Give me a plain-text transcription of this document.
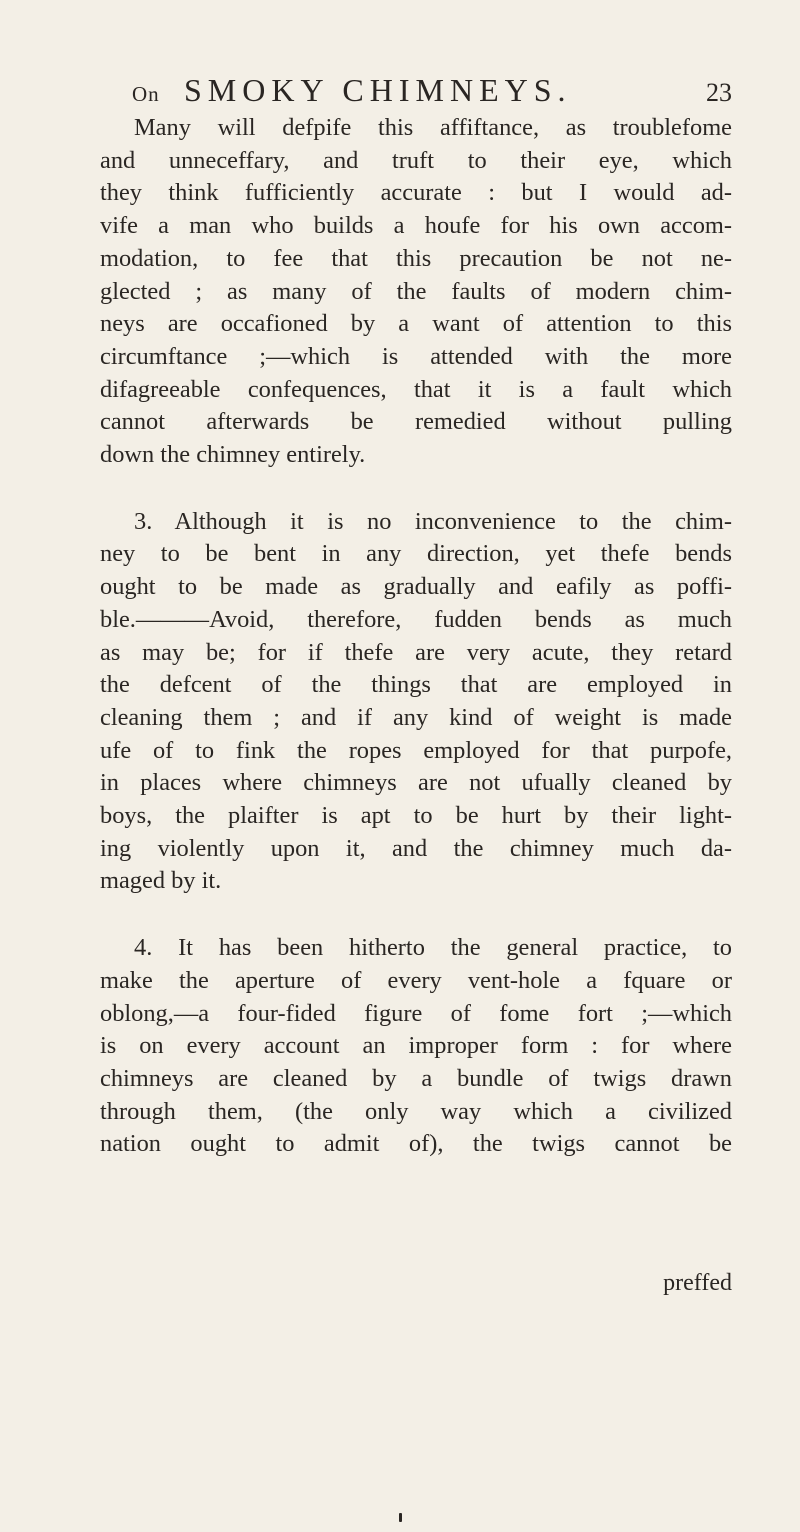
On SMOKY CHIMNEYS.	23

Many will defpife this affiftance, as troublefome
and unneceffary, and truft to their eye, which
they think fufficiently accurate : but I would ad-
vife a man who builds a houfe for his own accom-
modation, to fee that this precaution be not ne-
glected ; as many of the faults of modern chim-
neys are occafioned by a want of attention to this
circumftance ;—which is attended with the more
difagreeable confequences, that it is a fault which
cannot afterwards be remedied without pulling
down the chimney entirely.

3. Although it is no inconvenience to the chim-
ney to be bent in any direction, yet thefe bends
ought to be made as gradually and eafily as poffi-
ble.———Avoid, therefore, fudden bends as much
as may be; for if thefe are very acute, they retard
the defcent of the things that are employed in
cleaning them ; and if any kind of weight is made
ufe of to fink the ropes employed for that purpofe,
in places where chimneys are not ufually cleaned by
boys, the plaifter is apt to be hurt by their light-
ing violently upon it, and the chimney much da-
maged by it.

4. It has been hitherto the general practice, to
make the aperture of every vent-hole a fquare or
oblong,—a four-fided figure of fome fort ;—which
is on every account an improper form : for where
chimneys are cleaned by a bundle of twigs drawn
through them, (the only way which a civilized
nation ought to admit of), the twigs cannot be

preffed
